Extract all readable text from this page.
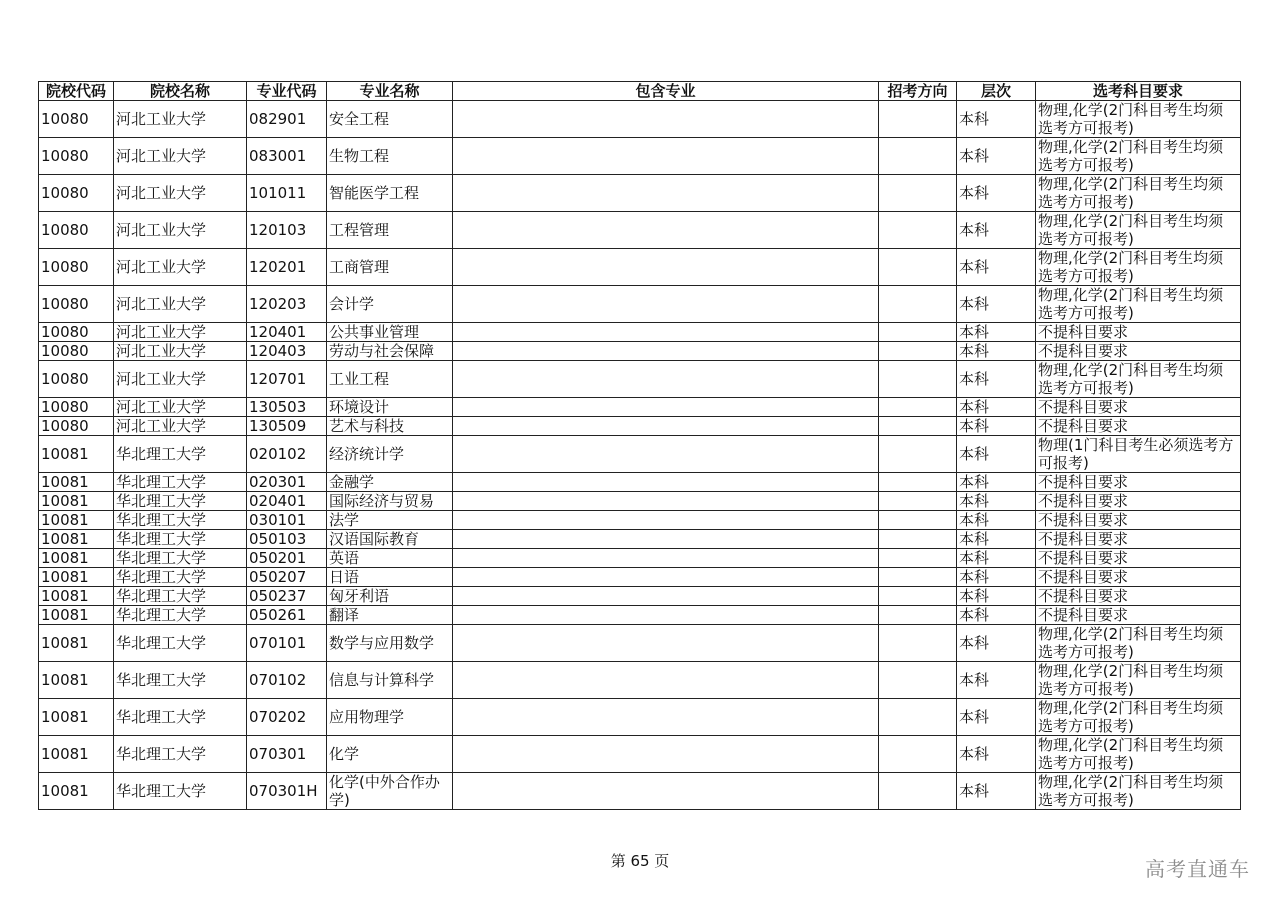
院校代码	院校名称	专业代码	专业名称	包含专业	招考方向	层次	选考科目要求
10080	河北工业大学	082901	安全工程			本科	物理,化学(2门科目考生均须选考方可报考)
10080	河北工业大学	083001	生物工程			本科	物理,化学(2门科目考生均须选考方可报考)
10080	河北工业大学	101011	智能医学工程			本科	物理,化学(2门科目考生均须选考方可报考)
10080	河北工业大学	120103	工程管理			本科	物理,化学(2门科目考生均须选考方可报考)
10080	河北工业大学	120201	工商管理			本科	物理,化学(2门科目考生均须选考方可报考)
10080	河北工业大学	120203	会计学			本科	物理,化学(2门科目考生均须选考方可报考)
10080	河北工业大学	120401	公共事业管理			本科	不提科目要求
10080	河北工业大学	120403	劳动与社会保障			本科	不提科目要求
10080	河北工业大学	120701	工业工程			本科	物理,化学(2门科目考生均须选考方可报考)
10080	河北工业大学	130503	环境设计			本科	不提科目要求
10080	河北工业大学	130509	艺术与科技			本科	不提科目要求
10081	华北理工大学	020102	经济统计学			本科	物理(1门科目考生必须选考方可报考)
10081	华北理工大学	020301	金融学			本科	不提科目要求
10081	华北理工大学	020401	国际经济与贸易			本科	不提科目要求
10081	华北理工大学	030101	法学			本科	不提科目要求
10081	华北理工大学	050103	汉语国际教育			本科	不提科目要求
10081	华北理工大学	050201	英语			本科	不提科目要求
10081	华北理工大学	050207	日语			本科	不提科目要求
10081	华北理工大学	050237	匈牙利语			本科	不提科目要求
10081	华北理工大学	050261	翻译			本科	不提科目要求
10081	华北理工大学	070101	数学与应用数学			本科	物理,化学(2门科目考生均须选考方可报考)
10081	华北理工大学	070102	信息与计算科学			本科	物理,化学(2门科目考生均须选考方可报考)
10081	华北理工大学	070202	应用物理学			本科	物理,化学(2门科目考生均须选考方可报考)
10081	华北理工大学	070301	化学			本科	物理,化学(2门科目考生均须选考方可报考)
10081	华北理工大学	070301H	化学(中外合作办学)			本科	物理,化学(2门科目考生均须选考方可报考)
第 65 页	高考直通车
